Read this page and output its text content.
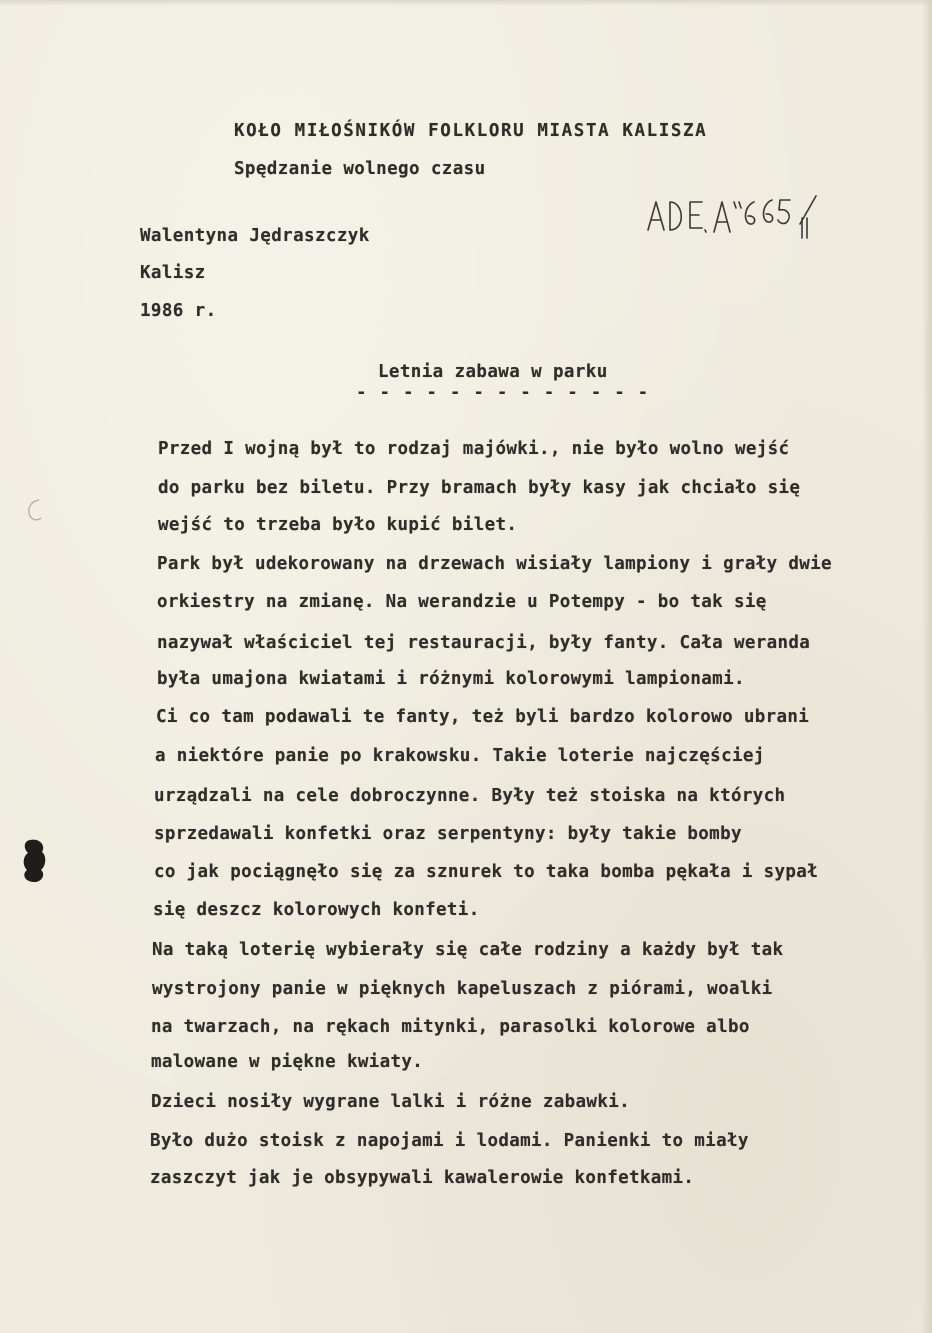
KOŁO MIŁOŚNIKÓW FOLKLORU MIASTA KALISZA
Spędzanie wolnego czasu
Walentyna Jędraszczyk
Kalisz
1986 r.
Letnia zabawa w parku
- - - - - - - - - - - - -
Przed I wojną był to rodzaj majówki., nie było wolno wejść
do parku bez biletu. Przy bramach były kasy jak chciało się
wejść to trzeba było kupić bilet.
Park był udekorowany na drzewach wisiały lampiony i grały dwie
orkiestry na zmianę. Na werandzie u Potempy - bo tak się
nazywał właściciel tej restauracji, były fanty. Cała weranda
była umajona kwiatami i różnymi kolorowymi lampionami.
Ci co tam podawali te fanty, też byli bardzo kolorowo ubrani
a niektóre panie po krakowsku. Takie loterie najczęściej
urządzali na cele dobroczynne. Były też stoiska na których
sprzedawali konfetki oraz serpentyny: były takie bomby
co jak pociągnęło się za sznurek to taka bomba pękała i sypał
się deszcz kolorowych konfeti.
Na taką loterię wybierały się całe rodziny a każdy był tak
wystrojony panie w pięknych kapeluszach z piórami, woalki
na twarzach, na rękach mitynki, parasolki kolorowe albo
malowane w piękne kwiaty.
Dzieci nosiły wygrane lalki i różne zabawki.
Było dużo stoisk z napojami i lodami. Panienki to miały
zaszczyt jak je obsypywali kawalerowie konfetkami.
